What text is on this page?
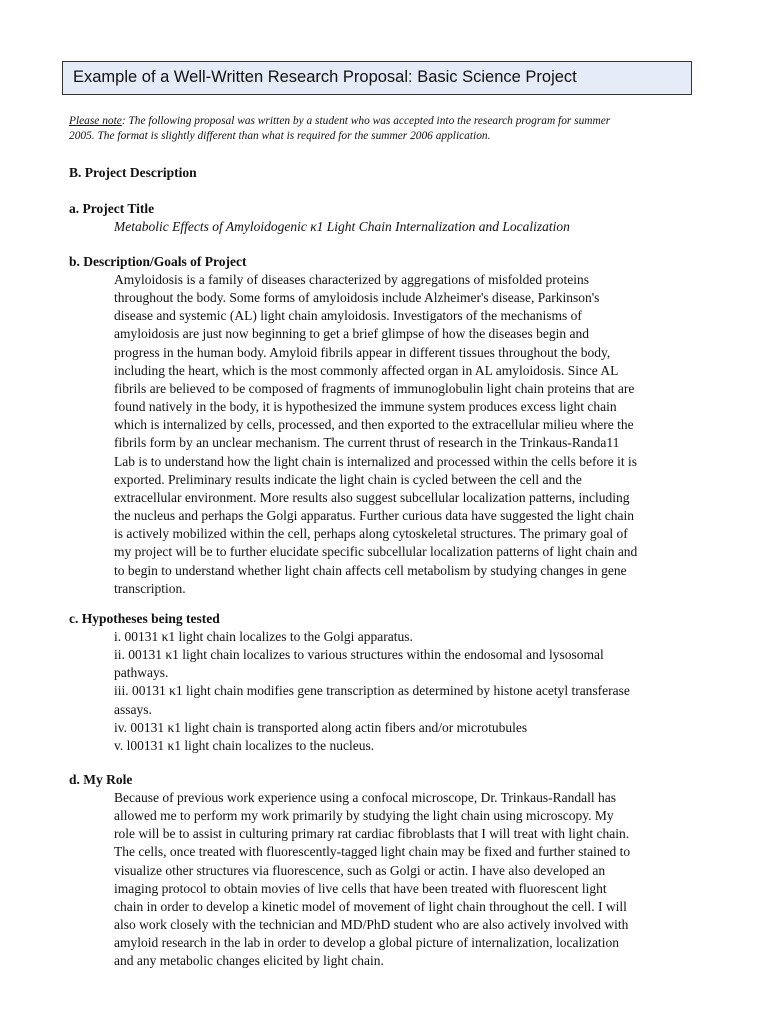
Example of a Well-Written Research Proposal: Basic Science Project
Please note: The following proposal was written by a student who was accepted into the research program for summer
2005. The format is slightly different than what is required for the summer 2006 application.
B. Project Description
a. Project Title
Metabolic Effects of Amyloidogenic κ1 Light Chain Internalization and Localization
b. Description/Goals of Project
Amyloidosis is a family of diseases characterized by aggregations of misfolded proteins
throughout the body. Some forms of amyloidosis include Alzheimer's disease, Parkinson's
disease and systemic (AL) light chain amyloidosis. Investigators of the mechanisms of
amyloidosis are just now beginning to get a brief glimpse of how the diseases begin and
progress in the human body. Amyloid fibrils appear in different tissues throughout the body,
including the heart, which is the most commonly affected organ in AL amyloidosis. Since AL
fibrils are believed to be composed of fragments of immunoglobulin light chain proteins that are
found natively in the body, it is hypothesized the immune system produces excess light chain
which is internalized by cells, processed, and then exported to the extracellular milieu where the
fibrils form by an unclear mechanism. The current thrust of research in the Trinkaus-Randa11
Lab is to understand how the light chain is internalized and processed within the cells before it is
exported. Preliminary results indicate the light chain is cycled between the cell and the
extracellular environment. More results also suggest subcellular localization patterns, including
the nucleus and perhaps the Golgi apparatus. Further curious data have suggested the light chain
is actively mobilized within the cell, perhaps along cytoskeletal structures. The primary goal of
my project will be to further elucidate specific subcellular localization patterns of light chain and
to begin to understand whether light chain affects cell metabolism by studying changes in gene
transcription.
c. Hypotheses being tested
i. 00131 κ1 light chain localizes to the Golgi apparatus.
ii. 00131 κ1 light chain localizes to various structures within the endosomal and lysosomal
pathways.
iii. 00131 κ1 light chain modifies gene transcription as determined by histone acetyl transferase
assays.
iv. 00131 κ1 light chain is transported along actin fibers and/or microtubules
v. l00131 κ1 light chain localizes to the nucleus.
d. My Role
Because of previous work experience using a confocal microscope, Dr. Trinkaus-Randall has
allowed me to perform my work primarily by studying the light chain using microscopy. My
role will be to assist in culturing primary rat cardiac fibroblasts that I will treat with light chain.
The cells, once treated with fluorescently-tagged light chain may be fixed and further stained to
visualize other structures via fluorescence, such as Golgi or actin. I have also developed an
imaging protocol to obtain movies of live cells that have been treated with fluorescent light
chain in order to develop a kinetic model of movement of light chain throughout the cell. I will
also work closely with the technician and MD/PhD student who are also actively involved with
amyloid research in the lab in order to develop a global picture of internalization, localization
and any metabolic changes elicited by light chain.
